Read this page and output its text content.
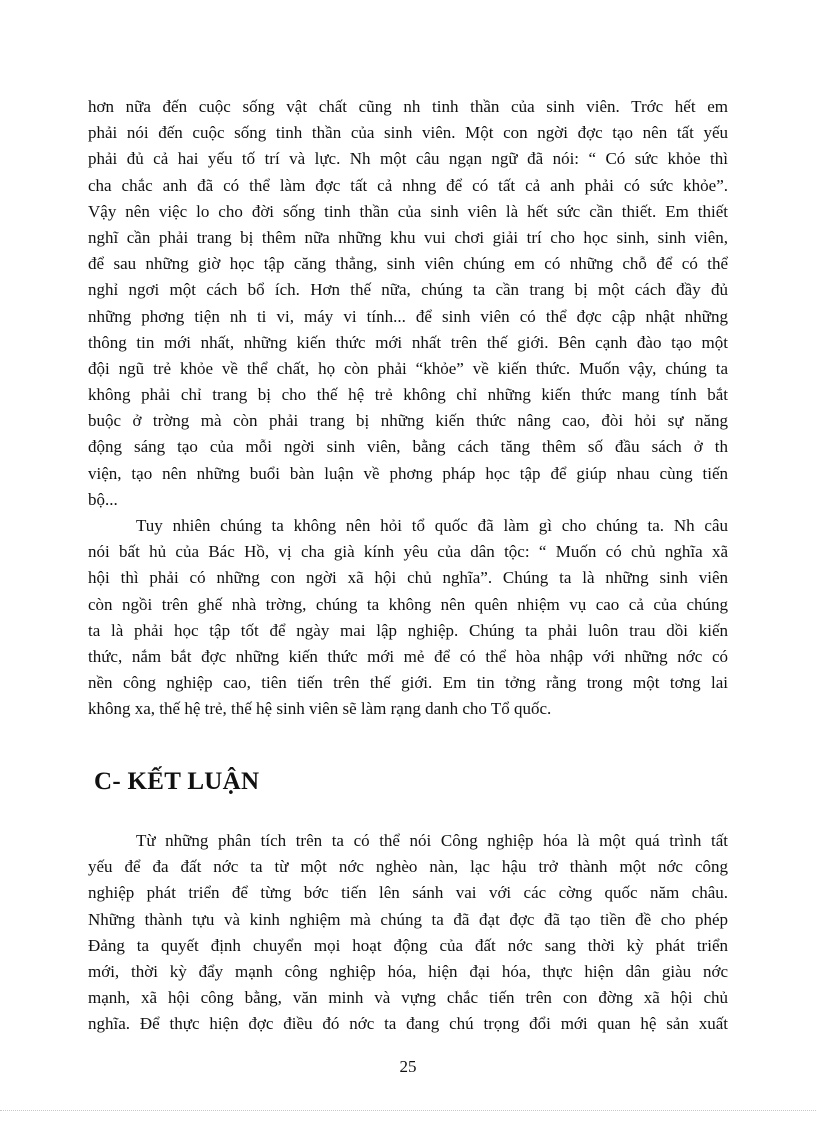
hơn nữa đến cuộc sống vật chất cũng nh tinh thần của sinh viên. Trớc hết em
phải nói đến cuộc sống tinh thần của sinh viên. Một con ngời đợc tạo nên tất yếu
phải đủ cả hai yếu tố trí và lực. Nh một câu ngạn ngữ đã nói: “ Có sức khỏe thì
cha chắc anh đã có thể làm đợc tất cả nhng để có tất cả anh phải có sức khỏe”.
Vậy nên việc lo cho đời sống tinh thần của sinh viên là hết sức cần thiết. Em thiết
nghĩ cần phải trang bị thêm nữa những khu vui chơi giải trí cho học sinh, sinh viên,
để sau những giờ học tập căng thẳng, sinh viên chúng em có những chỗ để có thể
nghỉ ngơi một cách bổ ích. Hơn thế nữa, chúng ta cần trang bị một cách đầy đủ
những phơng tiện nh ti vi, máy vi tính... để sinh viên có thể đợc cập nhật những
thông tin mới nhất, những kiến thức mới nhất trên thế giới. Bên cạnh đào tạo một
đội ngũ trẻ khỏe về thể chất, họ còn phải “khỏe” về kiến thức. Muốn vậy, chúng ta
không phải chỉ trang bị cho thế hệ trẻ không chỉ những kiến thức mang tính bắt
buộc ở trờng mà còn phải trang bị những kiến thức nâng cao, đòi hỏi sự năng
động sáng tạo của mỗi ngời sinh viên, bằng cách tăng thêm số đầu sách ở th
viện, tạo nên những buổi bàn luận về phơng pháp học tập để giúp nhau cùng tiến
bộ...
Tuy nhiên chúng ta không nên hỏi tổ quốc đã làm gì cho chúng ta. Nh câu
nói bất hủ của Bác Hồ, vị cha già kính yêu của dân tộc: “ Muốn có chủ nghĩa xã
hội thì phải có những con ngời xã hội chủ nghĩa”. Chúng ta là những sinh viên
còn ngồi trên ghế nhà trờng, chúng ta không nên quên nhiệm vụ cao cả của chúng
ta là phải học tập tốt để ngày mai lập nghiệp. Chúng ta phải luôn trau dồi kiến
thức, nắm bắt đợc những kiến thức mới mẻ để có thể hòa nhập với những nớc có
nền công nghiệp cao, tiên tiến trên thế giới. Em tin tởng rằng trong một tơng lai
không xa, thế hệ trẻ, thế hệ sinh viên sẽ làm rạng danh cho Tổ quốc.
C- KẾT LUẬN
Từ những phân tích trên ta có thể nói Công nghiệp hóa là một quá trình tất
yếu để đa đất nớc ta từ một nớc nghèo nàn, lạc hậu trở thành một nớc công
nghiệp phát triển để từng bớc tiến lên sánh vai với các cờng quốc năm châu.
Những thành tựu và kinh nghiệm mà chúng ta đã đạt đợc đã tạo tiền đề cho phép
Đảng ta quyết định chuyển mọi hoạt động của đất nớc sang thời kỳ phát triển
mới, thời kỳ đẩy mạnh công nghiệp hóa, hiện đại hóa, thực hiện dân giàu nớc
mạnh, xã hội công bằng, văn minh và vựng chắc tiến trên con đờng xã hội chủ
nghĩa. Để thực hiện đợc điều đó nớc ta đang chú trọng đổi mới quan hệ sản xuất
25
